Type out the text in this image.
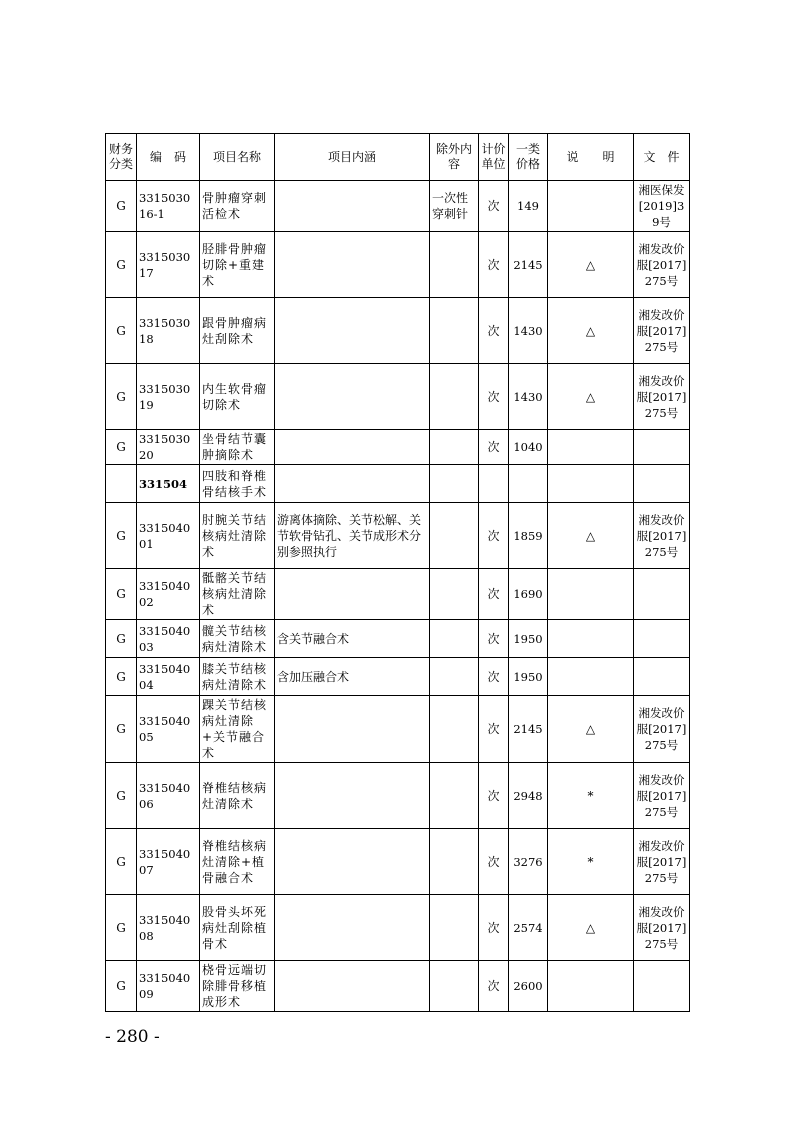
财务分类	编　码	项目名称	项目内涵	除外内容	计价单位	一类价格	说　　明	文　件
G	331503016-1	骨肿瘤穿刺活检术		一次性穿刺针	次	149		湘医保发[2019]39号
G	331503017	胫腓骨肿瘤切除+重建术			次	2145	△	湘发改价服[2017]275号
G	331503018	跟骨肿瘤病灶刮除术			次	1430	△	湘发改价服[2017]275号
G	331503019	内生软骨瘤切除术			次	1430	△	湘发改价服[2017]275号
G	331503020	坐骨结节囊肿摘除术			次	1040		
	331504	四肢和脊椎骨结核手术						
G	331504001	肘腕关节结核病灶清除术	游离体摘除、关节松解、关节软骨钻孔、关节成形术分别参照执行		次	1859	△	湘发改价服[2017]275号
G	331504002	骶髂关节结核病灶清除术			次	1690		
G	331504003	髋关节结核病灶清除术	含关节融合术		次	1950		
G	331504004	膝关节结核病灶清除术	含加压融合术		次	1950		
G	331504005	踝关节结核病灶清除+关节融合术			次	2145	△	湘发改价服[2017]275号
G	331504006	脊椎结核病灶清除术			次	2948	*	湘发改价服[2017]275号
G	331504007	脊椎结核病灶清除+植骨融合术			次	3276	*	湘发改价服[2017]275号
G	331504008	股骨头坏死病灶刮除植骨术			次	2574	△	湘发改价服[2017]275号
G	331504009	桡骨远端切除腓骨移植成形术			次	2600		
- 280 -
